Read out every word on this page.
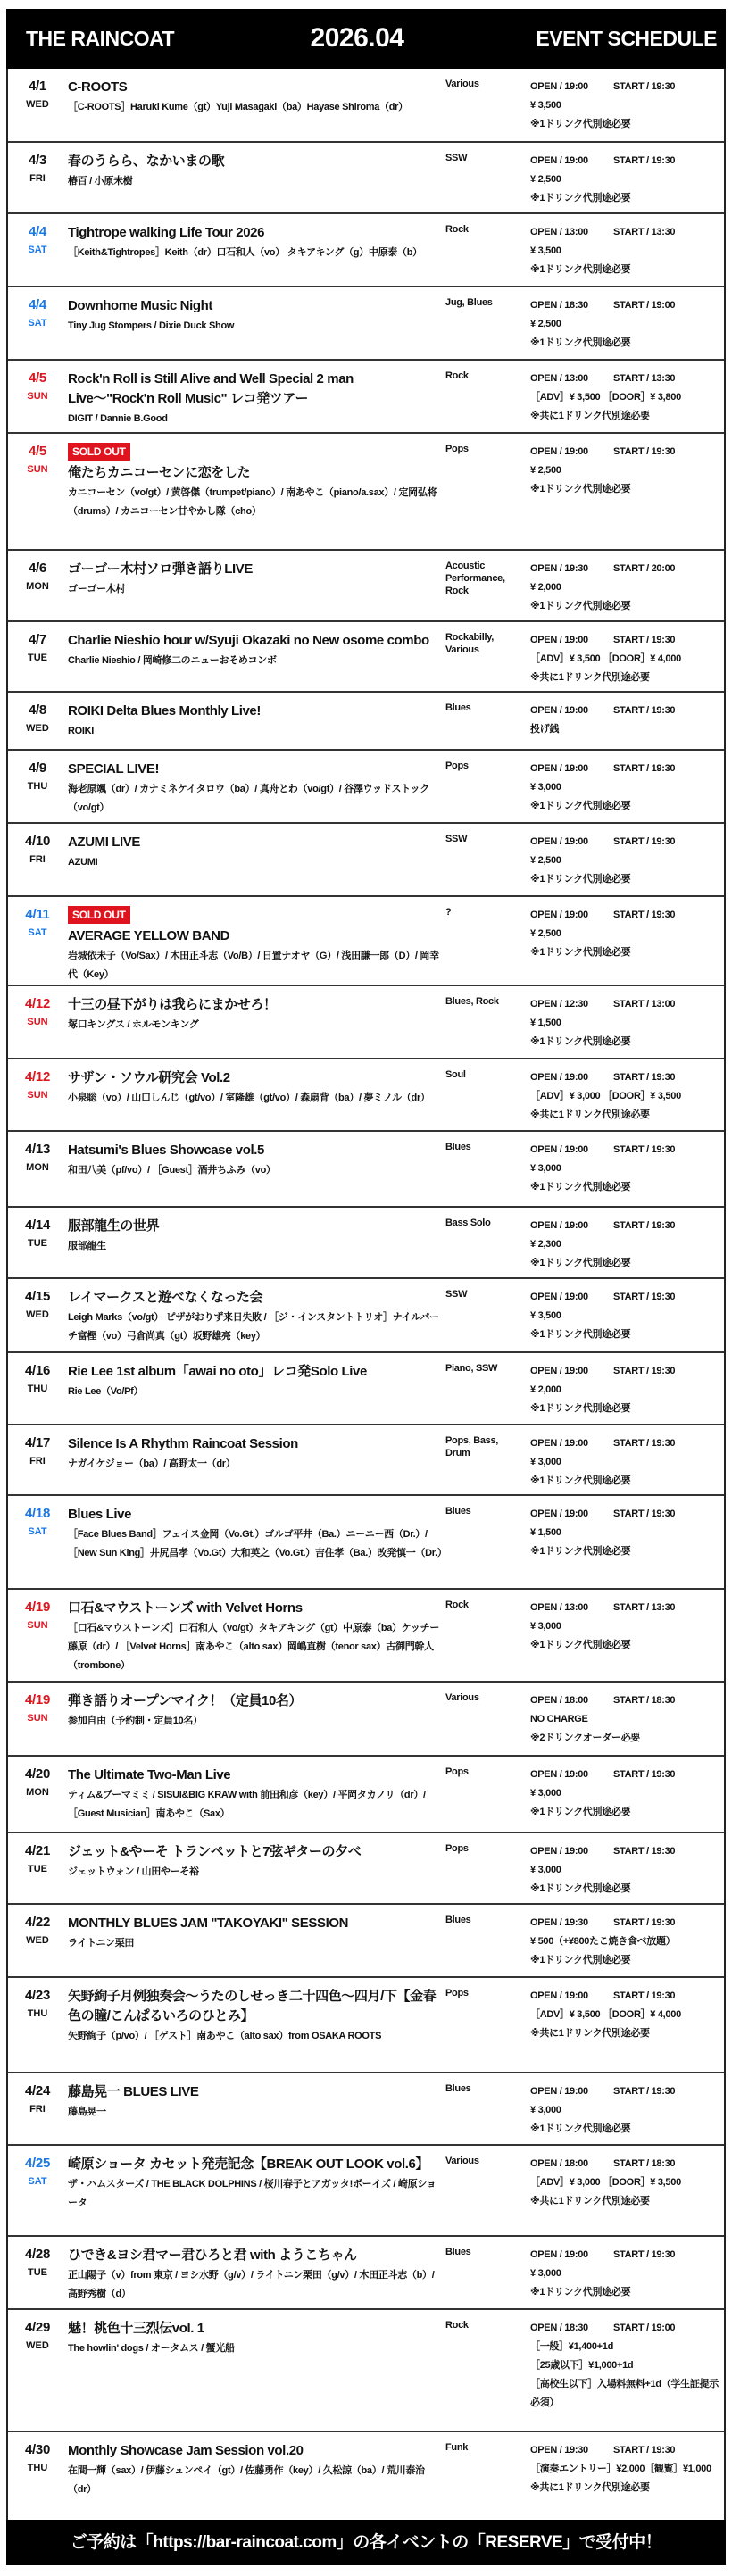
THE RAINCOAT	2026.04	EVENT SCHEDULE
4/1
WED
C-ROOTS
［C-ROOTS］Haruki Kume（gt）Yuji Masagaki（ba）Hayase Shiroma（dr）
Various	OPEN / 19:00	START / 19:30
¥ 3,500
※1ドリンク代別途必要
4/3
FRI
春のうらら、なかいまの歌
椿百 / 小原未樹
SSW	OPEN / 19:00	START / 19:30
¥ 2,500
※1ドリンク代別途必要
4/4
SAT
Tightrope walking Life Tour 2026
［Keith&Tightropes］Keith（dr）口石和人（vo） タキアキング（g）中原泰（b）
Rock	OPEN / 13:00	START / 13:30
¥ 3,500
※1ドリンク代別途必要
4/4
SAT
Downhome Music Night
Tiny Jug Stompers / Dixie Duck Show
Jug, Blues	OPEN / 18:30	START / 19:00
¥ 2,500
※1ドリンク代別途必要
4/5
SUN
Rock'n Roll is Still Alive and Well Special 2 man Live〜"Rock'n Roll Music" レコ発ツアー
DIGIT / Dannie B.Good
Rock	OPEN / 13:00	START / 13:30
［ADV］¥ 3,500 ［DOOR］¥ 3,800
※共に1ドリンク代別途必要
4/5
SUN
SOLD OUT
俺たちカニコーセンに恋をした
カニコーセン（vo/gt）/ 黄啓傑（trumpet/piano）/ 南あやこ（piano/a.sax）/ 定岡弘将（drums）/ カニコーセン甘やかし隊（cho）
Pops	OPEN / 19:00	START / 19:30
¥ 2,500
※1ドリンク代別途必要
4/6
MON
ゴーゴー木村ソロ弾き語りLIVE
ゴーゴー木村
Acoustic Performance, Rock
OPEN / 19:30	START / 20:00
¥ 2,000
※1ドリンク代別途必要
4/7
TUE
Charlie Nieshio hour w/Syuji Okazaki no New osome combo
Charlie Nieshio / 岡崎修二のニューおそめコンボ
Rockabilly, Various
OPEN / 19:00	START / 19:30
［ADV］¥ 3,500 ［DOOR］¥ 4,000
※共に1ドリンク代別途必要
4/8
WED
ROIKI Delta Blues Monthly Live!
ROIKI
Blues	OPEN / 19:00	START / 19:30
投げ銭
4/9
THU
SPECIAL LIVE!
海老原颯（dr）/ カナミネケイタロウ（ba）/ 真舟とわ（vo/gt）/ 谷澤ウッドストック（vo/gt）
Pops	OPEN / 19:00	START / 19:30
¥ 3,000
※1ドリンク代別途必要
4/10
FRI
AZUMI LIVE
AZUMI
SSW	OPEN / 19:00	START / 19:30
¥ 2,500
※1ドリンク代別途必要
4/11
SAT
SOLD OUT
AVERAGE YELLOW BAND
岩城依未子（Vo/Sax）/ 木田正斗志（Vo/B）/ 日置ナオヤ（G）/ 浅田謙一郎（D）/ 岡幸代（Key）
?	OPEN / 19:00	START / 19:30
¥ 2,500
※1ドリンク代別途必要
4/12
SUN
十三の昼下がりは我らにまかせろ！
塚口キングス / ホルモンキング
Blues, Rock	OPEN / 12:30	START / 13:00
¥ 1,500
※1ドリンク代別途必要
4/12
SUN
サザン・ソウル研究会 Vol.2
小泉聡（vo）/ 山口しんじ（gt/vo）/ 室隆雄（gt/vo）/ 森扇背（ba）/ 夢ミノル（dr）
Soul	OPEN / 19:00	START / 19:30
［ADV］¥ 3,000 ［DOOR］¥ 3,500
※共に1ドリンク代別途必要
4/13
MON
Hatsumi's Blues Showcase vol.5
和田八美（pf/vo）/ ［Guest］酒井ちふみ（vo）
Blues	OPEN / 19:00	START / 19:30
¥ 3,000
※1ドリンク代別途必要
4/14
TUE
服部龍生の世界
服部龍生
Bass Solo	OPEN / 19:00	START / 19:30
¥ 2,300
※1ドリンク代別途必要
4/15
WED
レイマークスと遊べなくなった会
Leigh Marks（vo/gt） ピザがおりず来日失敗 / ［ジ・インスタントトリオ］ナイルパーチ富樫（vo）弓倉尚真（gt）坂野雄亮（key）
SSW	OPEN / 19:00	START / 19:30
¥ 3,500
※1ドリンク代別途必要
4/16
THU
Rie Lee 1st album「awai no oto」レコ発Solo Live
Rie Lee（Vo/Pf）
Piano, SSW	OPEN / 19:00	START / 19:30
¥ 2,000
※1ドリンク代別途必要
4/17
FRI
Silence Is A Rhythm Raincoat Session
ナガイケジョー（ba）/ 高野太一（dr）
Pops, Bass, Drum
OPEN / 19:00	START / 19:30
¥ 3,000
※1ドリンク代別途必要
4/18
SAT
Blues Live
［Face Blues Band］フェイス金岡（Vo.Gt.）ゴルゴ平井（Ba.）ニーニー西（Dr.）/ ［New Sun King］井尻昌孝（Vo.Gt）大和英之（Vo.Gt.）吉住孝（Ba.）改発慎一（Dr.）
Blues	OPEN / 19:00	START / 19:30
¥ 1,500
※1ドリンク代別途必要
4/19
SUN
口石&マウストーンズ with Velvet Horns
［口石&マウストーンズ］口石和人（vo/gt）タキアキング（gt）中原泰（ba）ケッチー藤原（dr）/ ［Velvet Horns］南あやこ（alto sax）岡嶋直樹（tenor sax）古御門幹人（trombone）
Rock	OPEN / 13:00	START / 13:30
¥ 3,000
※1ドリンク代別途必要
4/19
SUN
弾き語りオープンマイク！（定員10名）
参加自由（予約制・定員10名）
Various	OPEN / 18:00	START / 18:30
NO CHARGE
※2ドリンクオーダー必要
4/20
MON
The Ultimate Two-Man Live
ティム&プーマミミ / SISUI&BIG KRAW with 前田和彦（key）/ 平岡タカノリ（dr）/ ［Guest Musician］南あやこ（Sax）
Pops	OPEN / 19:00	START / 19:30
¥ 3,000
※1ドリンク代別途必要
4/21
TUE
ジェット&やーそ トランペットと7弦ギターの夕べ
ジェットウォン / 山田やーそ裕
Pops	OPEN / 19:00	START / 19:30
¥ 3,000
※1ドリンク代別途必要
4/22
WED
MONTHLY BLUES JAM "TAKOYAKI" SESSION
ライトニン栗田
Blues	OPEN / 19:30	START / 19:30
¥ 500（+¥800たこ焼き食べ放題）
※1ドリンク代別途必要
4/23
THU
矢野絢子月例独奏会〜うたのしせっき二十四色〜四月/下【金春色の瞳/こんぱるいろのひとみ】
矢野絢子（p/vo）/ ［ゲスト］南あやこ（alto sax）from OSAKA ROOTS
Pops	OPEN / 19:00	START / 19:30
［ADV］¥ 3,500 ［DOOR］¥ 4,000
※共に1ドリンク代別途必要
4/24
FRI
藤島晃一 BLUES LIVE
藤島晃一
Blues	OPEN / 19:00	START / 19:30
¥ 3,000
※1ドリンク代別途必要
4/25
SAT
崎原ショータ カセット発売記念【BREAK OUT LOOK vol.6】
ザ・ハムスターズ / THE BLACK DOLPHINS / 桜川春子とアガッタ!ボーイズ / 崎原ショータ
Various	OPEN / 18:00	START / 18:30
［ADV］¥ 3,000 ［DOOR］¥ 3,500
※共に1ドリンク代別途必要
4/28
TUE
ひでき&ヨシ君マー君ひろと君 with ようこちゃん
正山陽子（v）from 東京 / ヨシ水野（g/v）/ ライトニン栗田（g/v）/ 木田正斗志（b）/ 高野秀樹（d）
Blues	OPEN / 19:00	START / 19:30
¥ 3,000
※1ドリンク代別途必要
4/29
WED
魅！桃色十三烈伝vol. 1
The howlin' dogs / オータムス / 蟹光船
Rock	OPEN / 18:30	START / 19:00
［一般］¥1,400+1d
［25歳以下］¥1,000+1d
［高校生以下］入場料無料+1d（学生証提示必須）
4/30
THU
Monthly Showcase Jam Session vol.20
在間一輝（sax）/ 伊藤シュンペイ（gt）/ 佐藤勇作（key）/ 久松諒（ba）/ 荒川泰治（dr）
Funk	OPEN / 19:30	START / 19:30
［演奏エントリー］¥2,000［観覧］¥1,000
※共に1ドリンク代別途必要
ご予約は「https://bar-raincoat.com」の各イベントの「RESERVE」で受付中！
